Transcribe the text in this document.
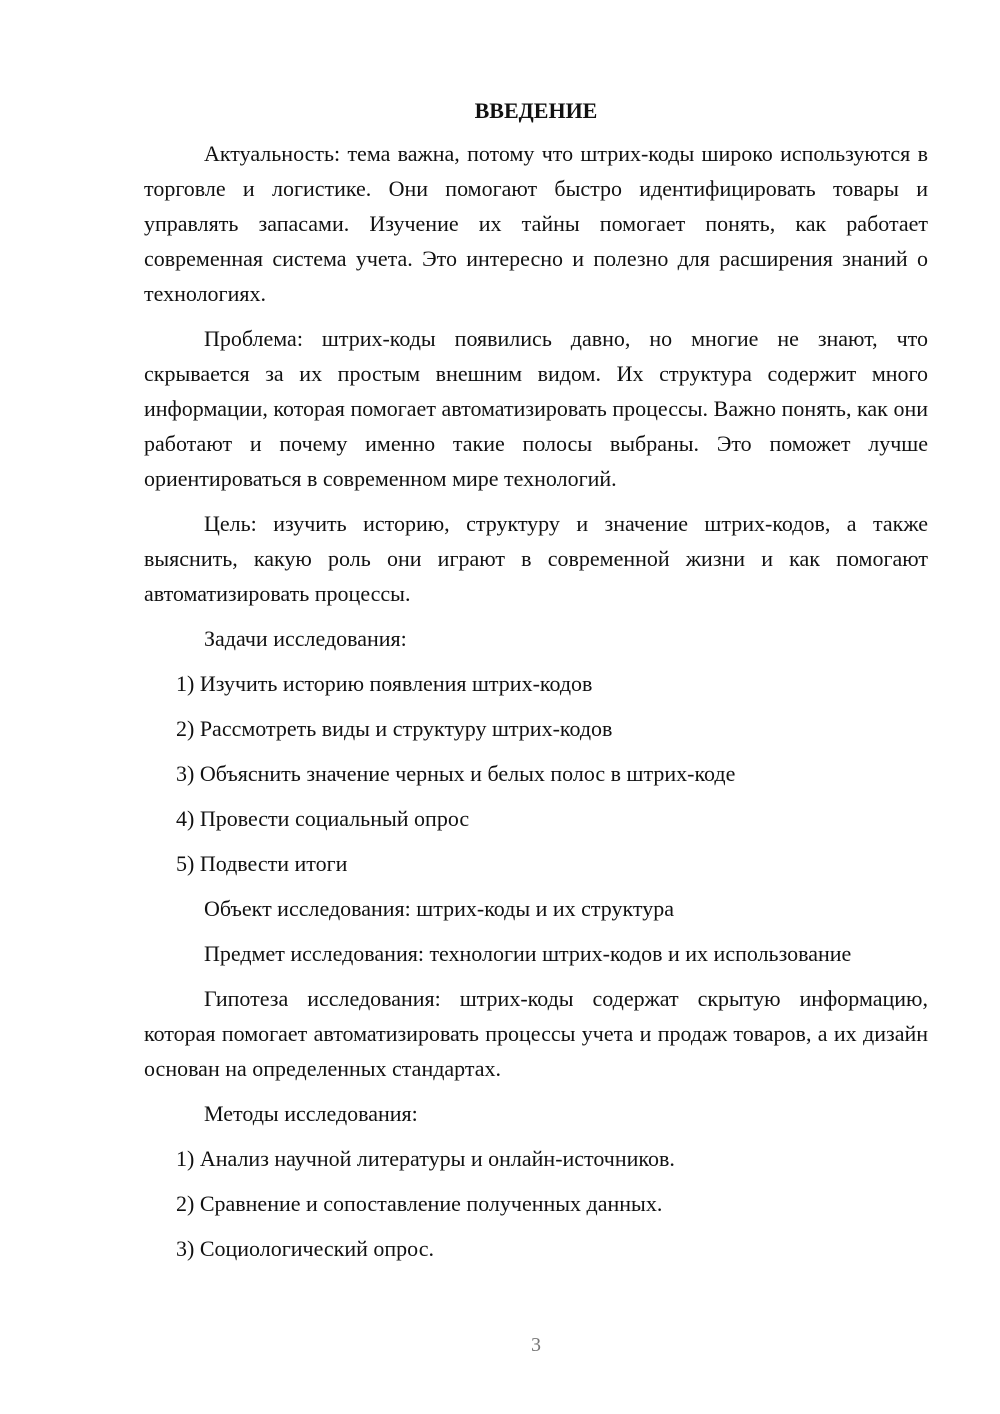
ВВЕДЕНИЕ

Актуальность: тема важна, потому что штрих-коды широко используются в торговле и логистике. Они помогают быстро идентифицировать товары и управлять запасами. Изучение их тайны помогает понять, как работает современная система учета. Это интересно и полезно для расширения знаний о технологиях.

Проблема: штрих-коды появились давно, но многие не знают, что скрывается за их простым внешним видом. Их структура содержит много информации, которая помогает автоматизировать процессы. Важно понять, как они работают и почему именно такие полосы выбраны. Это поможет лучше ориентироваться в современном мире технологий.

Цель: изучить историю, структуру и значение штрих-кодов, а также выяснить, какую роль они играют в современной жизни и как помогают автоматизировать процессы.

Задачи исследования:

1) Изучить историю появления штрих-кодов

2) Рассмотреть виды и структуру штрих-кодов

3) Объяснить значение черных и белых полос в штрих-коде

4) Провести социальный опрос

5) Подвести итоги

Объект исследования: штрих-коды и их структура

Предмет исследования: технологии штрих-кодов и их использование

Гипотеза исследования: штрих-коды содержат скрытую информацию, которая помогает автоматизировать процессы учета и продаж товаров, а их дизайн основан на определенных стандартах.

Методы исследования:

1) Анализ научной литературы и онлайн-источников.

2) Сравнение и сопоставление полученных данных.

3) Социологический опрос.

3
